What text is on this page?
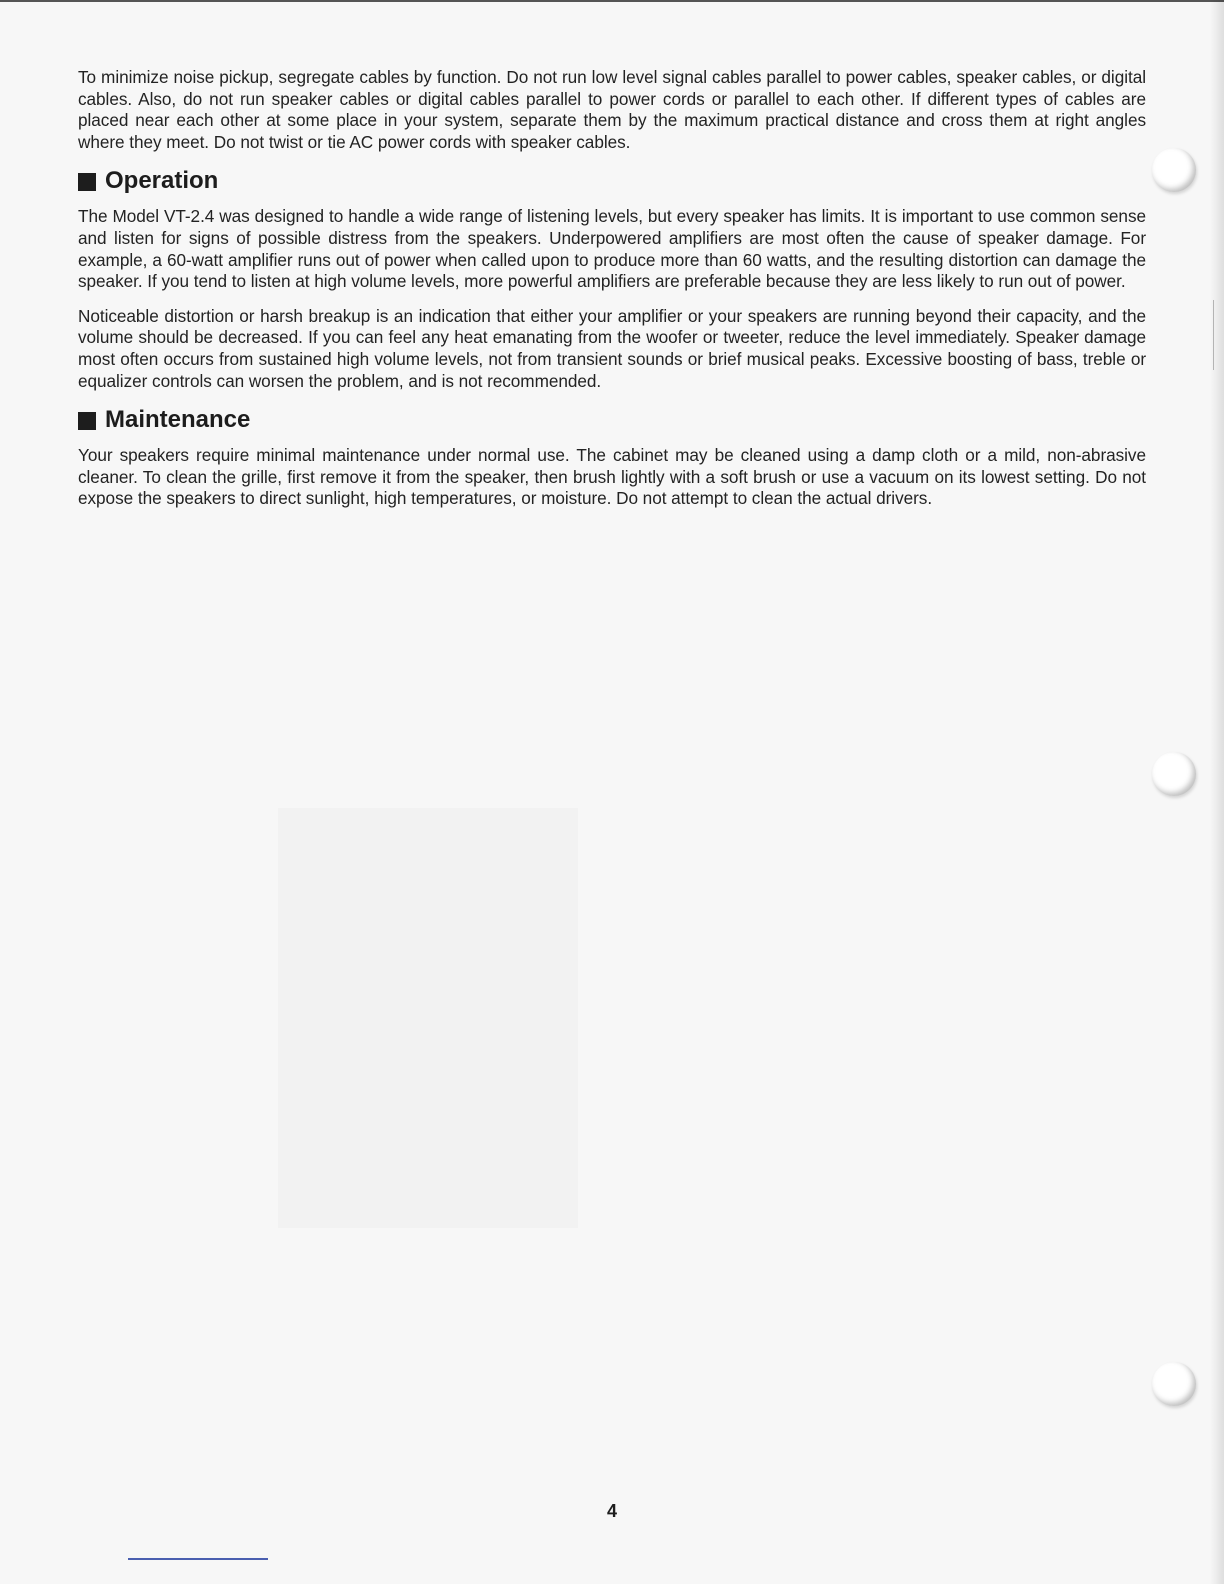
To minimize noise pickup, segregate cables by function. Do not run low level signal cables parallel to power cables, speaker cables, or digital cables. Also, do not run speaker cables or digital cables parallel to power cords or parallel to each other. If different types of cables are placed near each other at some place in your system, separate them by the maximum practical distance and cross them at right angles where they meet. Do not twist or tie AC power cords with speaker cables.

Operation

The Model VT-2.4 was designed to handle a wide range of listening levels, but every speaker has limits. It is important to use common sense and listen for signs of possible distress from the speakers. Underpowered amplifiers are most often the cause of speaker damage. For example, a 60-watt amplifier runs out of power when called upon to produce more than 60 watts, and the resulting distortion can damage the speaker. If you tend to listen at high volume levels, more powerful amplifiers are preferable because they are less likely to run out of power.

Noticeable distortion or harsh breakup is an indication that either your amplifier or your speakers are running beyond their capacity, and the volume should be decreased. If you can feel any heat emanating from the woofer or tweeter, reduce the level immediately. Speaker damage most often occurs from sustained high volume levels, not from transient sounds or brief musical peaks. Excessive boosting of bass, treble or equalizer controls can worsen the problem, and is not recommended.

Maintenance

Your speakers require minimal maintenance under normal use. The cabinet may be cleaned using a damp cloth or a mild, non-abrasive cleaner. To clean the grille, first remove it from the speaker, then brush lightly with a soft brush or use a vacuum on its lowest setting. Do not expose the speakers to direct sunlight, high temperatures, or moisture. Do not attempt to clean the actual drivers.

4
